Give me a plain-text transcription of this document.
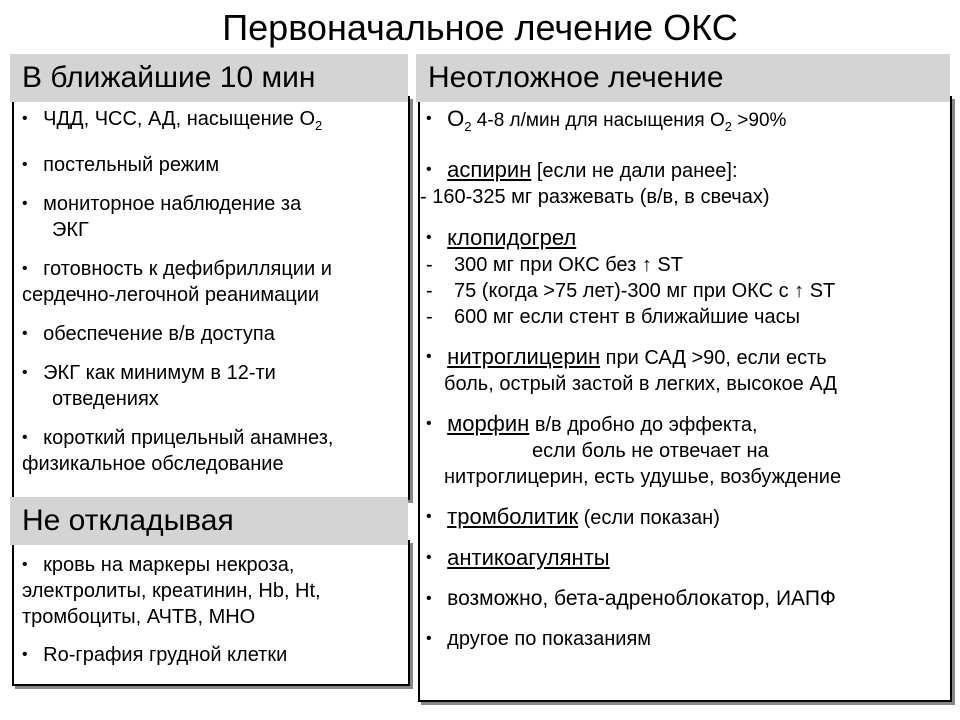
Первоначальное лечение ОКС
• ЧДД, ЧСС, АД, насыщение $O_2$
• постельный режим
• мониторное наблюдение за
ЭКГ
• готовность к дефибрилляции и
сердечно-легочной реанимации
• обеспечение в/в доступа
• ЭКГ как минимум в 12-ти
отведениях
• короткий прицельный анамнез,
физикальное обследование
В ближайшие 10 мин
• кровь на маркеры некроза,
электролиты, креатинин, Hb, Ht,
тромбоциты, АЧТВ, МНО
• Ro-графия грудной клетки
Не откладывая
• $O_2$ 4-8 л/мин для насыщения $O_2 >90\%$
• аспирин [если не дали ранее]:
- 160-325 мг разжевать (в/в, в свечах)
• клопидогрел
- 300 мг при ОКС без ↑ ST
- 75 (когда >75 лет)-300 мг при ОКС с ↑ ST
- 600 мг если стент в ближайшие часы
• нитроглицерин при САД >90, если есть
боль, острый застой в легких, высокое АД
• морфин в/в дробно до эффекта,
если боль не отвечает на
нитроглицерин, есть удушье, возбуждение
• тромболитик (если показан)
• антикоагулянты
• возможно, бета-адреноблокатор, ИАПФ
• другое по показаниям
Неотложное лечение
